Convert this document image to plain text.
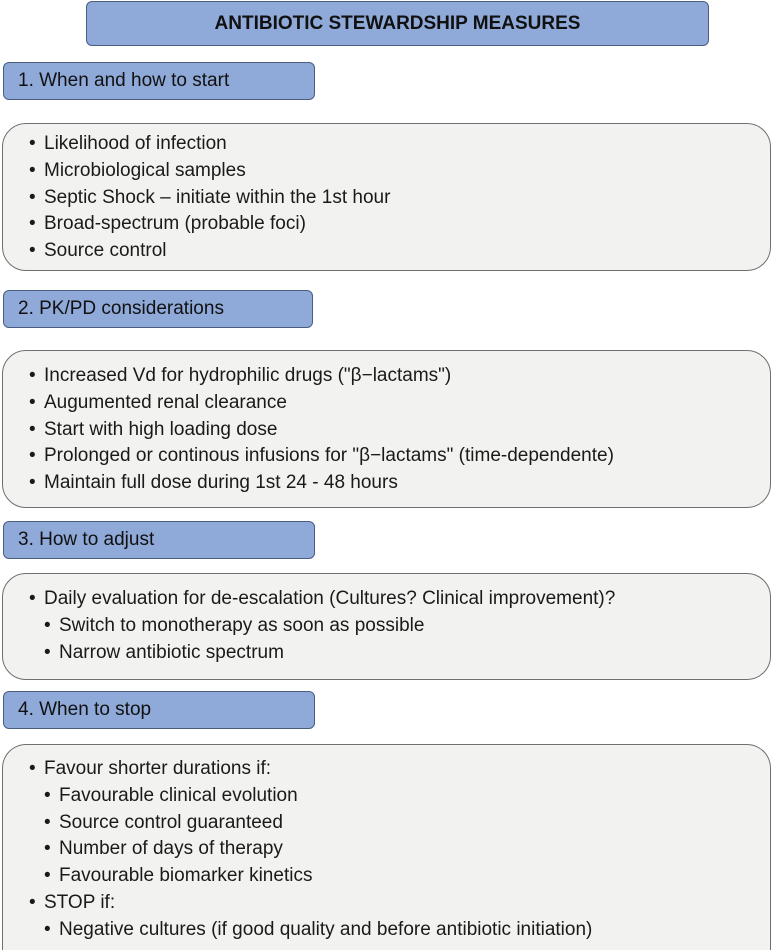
ANTIBIOTIC STEWARDSHIP MEASURES
1. When and how to start
• Likelihood of infection
• Microbiological samples
• Septic Shock – initiate within the 1st hour
• Broad-spectrum (probable foci)
• Source control
2. PK/PD considerations
• Increased Vd for hydrophilic drugs ("β−lactams")
• Augumented renal clearance
• Start with high loading dose
• Prolonged or continous infusions for "β−lactams" (time-dependente)
• Maintain full dose during 1st 24 - 48 hours
3. How to adjust
• Daily evaluation for de-escalation (Cultures? Clinical improvement)?
• Switch to monotherapy as soon as possible
• Narrow antibiotic spectrum
4. When to stop
• Favour shorter durations if:
• Favourable clinical evolution
• Source control guaranteed
• Number of days of therapy
• Favourable biomarker kinetics
• STOP if:
• Negative cultures (if good quality and before antibiotic initiation)
